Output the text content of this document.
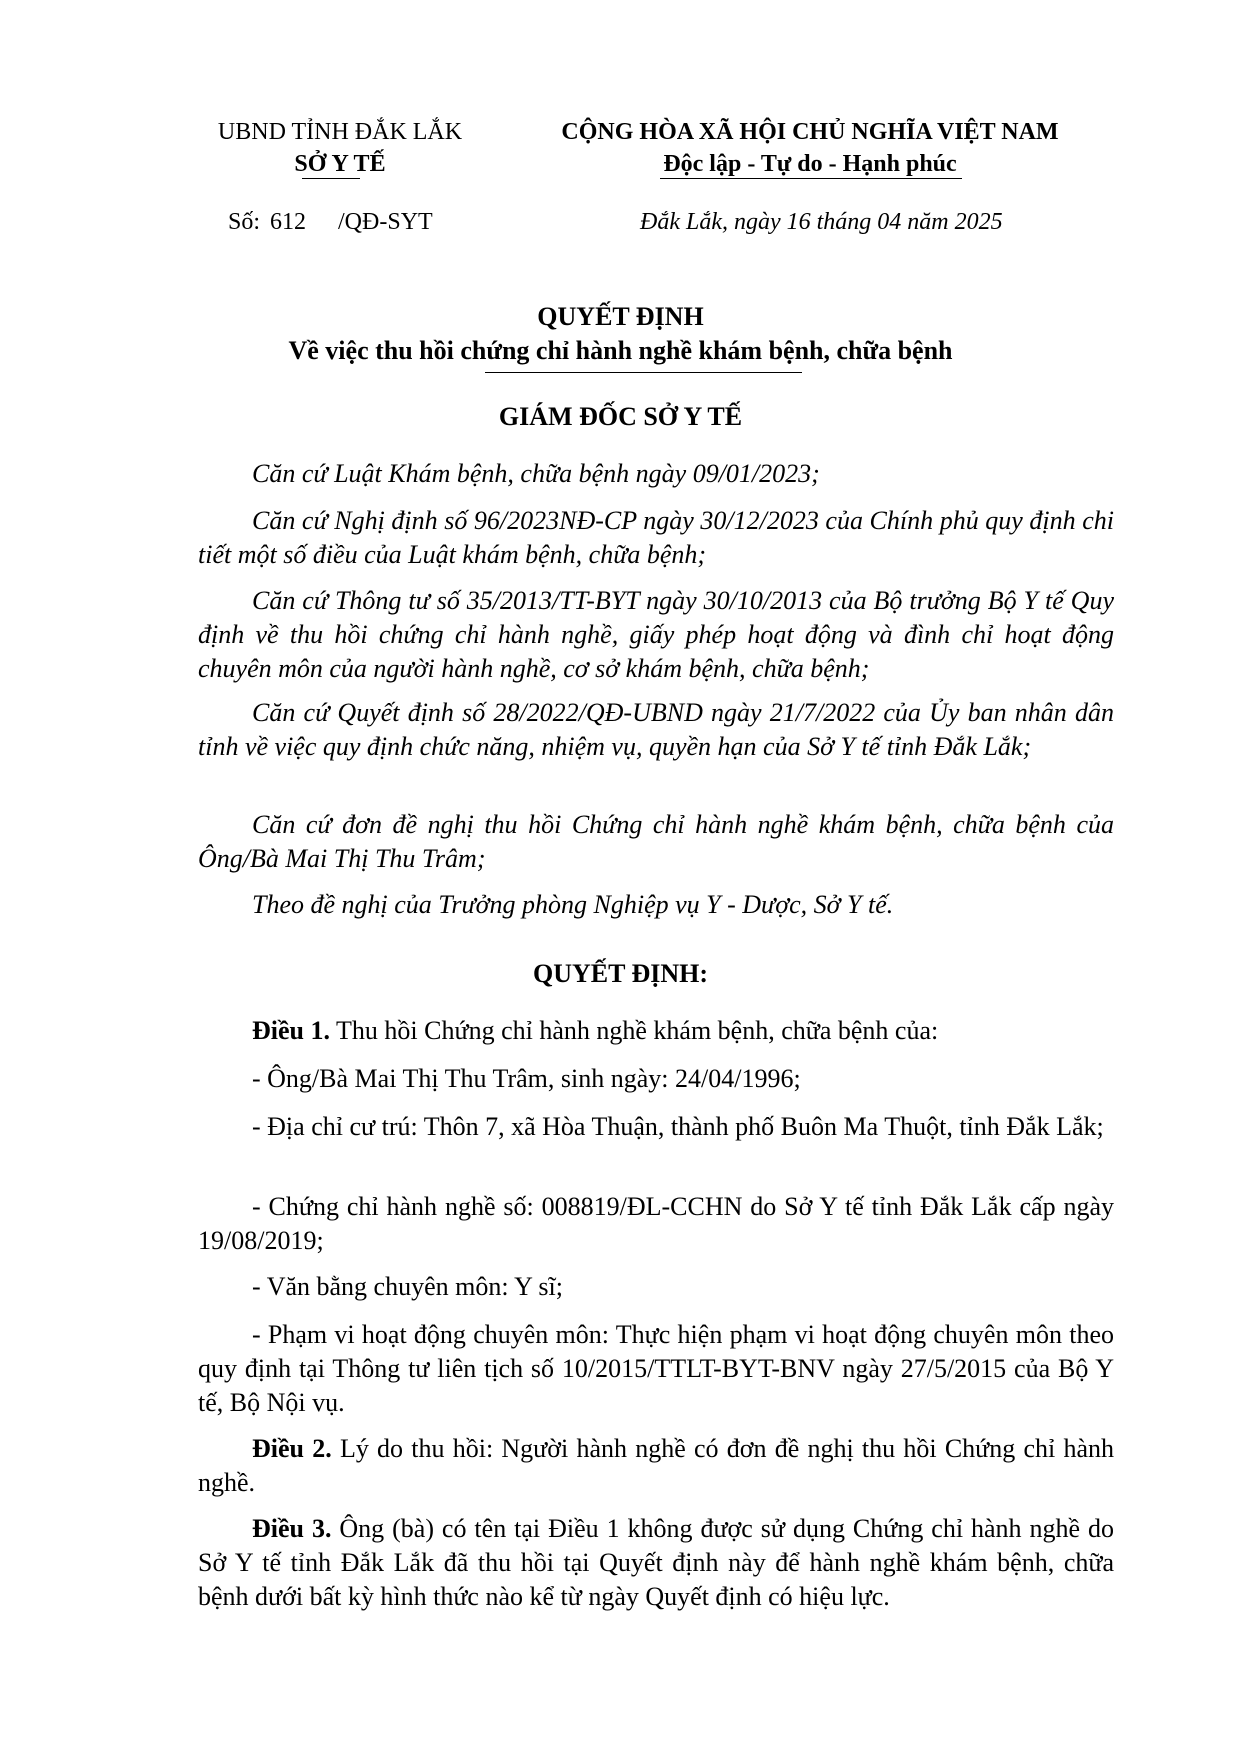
UBND TỈNH ĐẮK LẮK
SỞ Y TẾ
CỘNG HÒA XÃ HỘI CHỦ NGHĨA VIỆT NAM
Độc lập - Tự do - Hạnh phúc
Số: 612 /QĐ-SYT	Đắk Lắk, ngày 16 tháng 04 năm 2025
QUYẾT ĐỊNH
Về việc thu hồi chứng chỉ hành nghề khám bệnh, chữa bệnh
GIÁM ĐỐC SỞ Y TẾ

Căn cứ Luật Khám bệnh, chữa bệnh ngày 09/01/2023;

Căn cứ Nghị định số 96/2023NĐ-CP ngày 30/12/2023 của Chính phủ quy định chi tiết một số điều của Luật khám bệnh, chữa bệnh;

Căn cứ Thông tư số 35/2013/TT-BYT ngày 30/10/2013 của Bộ trưởng Bộ Y tế Quy định về thu hồi chứng chỉ hành nghề, giấy phép hoạt động và đình chỉ hoạt động chuyên môn của người hành nghề, cơ sở khám bệnh, chữa bệnh;

Căn cứ Quyết định số 28/2022/QĐ-UBND ngày 21/7/2022 của Ủy ban nhân dân tỉnh về việc quy định chức năng, nhiệm vụ, quyền hạn của Sở Y tế tỉnh Đắk Lắk;

Căn cứ đơn đề nghị thu hồi Chứng chỉ hành nghề khám bệnh, chữa bệnh của Ông/Bà Mai Thị Thu Trâm;

Theo đề nghị của Trưởng phòng Nghiệp vụ Y - Dược, Sở Y tế.

QUYẾT ĐỊNH:

Điều 1. Thu hồi Chứng chỉ hành nghề khám bệnh, chữa bệnh của:

- Ông/Bà Mai Thị Thu Trâm, sinh ngày: 24/04/1996;

- Địa chỉ cư trú: Thôn 7, xã Hòa Thuận, thành phố Buôn Ma Thuột, tỉnh Đắk Lắk;

- Chứng chỉ hành nghề số: 008819/ĐL-CCHN do Sở Y tế tỉnh Đắk Lắk cấp ngày 19/08/2019;

- Văn bằng chuyên môn: Y sĩ;

- Phạm vi hoạt động chuyên môn: Thực hiện phạm vi hoạt động chuyên môn theo quy định tại Thông tư liên tịch số 10/2015/TTLT-BYT-BNV ngày 27/5/2015 của Bộ Y tế, Bộ Nội vụ.

Điều 2. Lý do thu hồi: Người hành nghề có đơn đề nghị thu hồi Chứng chỉ hành nghề.

Điều 3. Ông (bà) có tên tại Điều 1 không được sử dụng Chứng chỉ hành nghề do Sở Y tế tỉnh Đắk Lắk đã thu hồi tại Quyết định này để hành nghề khám bệnh, chữa bệnh dưới bất kỳ hình thức nào kể từ ngày Quyết định có hiệu lực.
